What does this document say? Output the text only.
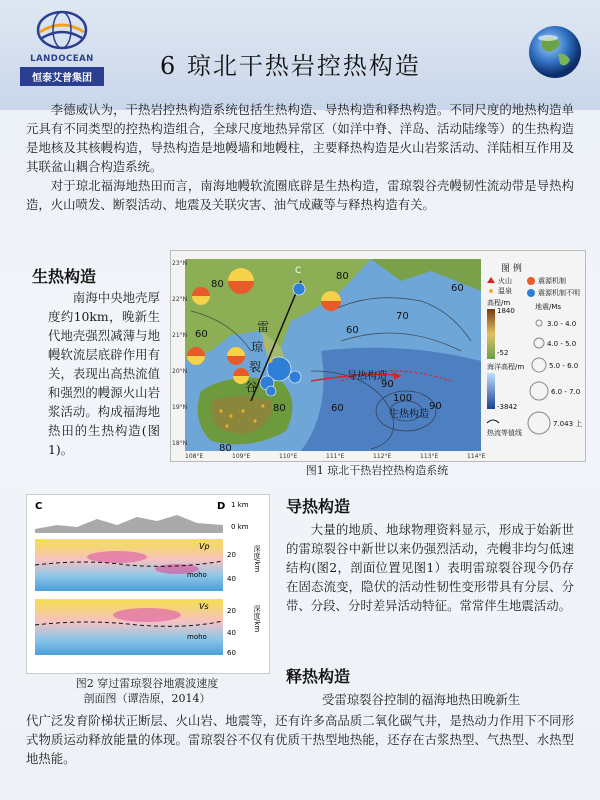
LANDOCEAN
恒泰艾普集团	6 琼北干热岩控热构造

李德威认为，干热岩控热构造系统包括生热构造、导热构造和释热构造。不同尺度的地热构造单元具有不同类型的控热构造组合，全球尺度地热异常区（如洋中脊、洋岛、活动陆缘等）的生热构造是地核及其核幔构造，导热构造是地幔墙和地幔柱，主要释热构造是火山岩浆活动、洋陆相互作用及其联盆山耦合构造系统。

对于琼北福海地热田而言，南海地幔软流圈底辟是生热构造，雷琼裂谷壳幔韧性流动带是导热构造，火山喷发、断裂活动、地震及关联灾害、油气成藏等与释热构造有关。

生热构造

南海中央地壳厚度约10km，晚新生代地壳强烈减薄与地幔软流层底辟作用有关，表现出高热流值和强烈的幔源火山岩浆活动。构成福海地热田的生热构造(图1)。

雷
琼
裂
谷
导热构造
生热构造
C
80
70
60
80
60
60
90
100
90
80
60
80
23°N
22°N
21°N
20°N
19°N
18°N
108°E	109°E	110°E	111°E	112°E	113°E	114°E
图 例
火山
温泉
震源机制
震源机制不明
高程/m
1840
-52
海洋高程/m
-3842
热流等值线
地震/Ms
3.0 - 4.0
4.0 - 5.0
5.0 - 6.0
6.0 - 7.0
7.043 上
图1 琼北干热岩控热构造系统
C	D 1 km
0 km
Vp
moho
20
40
Vs
moho
20
40
60
深度/km
深度/km
图2 穿过雷琼裂谷地震波速度
剖面图（谭浩原，2014）
导热构造

大量的地质、地球物理资料显示，形成于始新世的雷琼裂谷中新世以来仍强烈活动，壳幔非均匀低速结构(图2，剖面位置见图1）表明雷琼裂谷现今仍存在固态流变，隐伏的活动性韧性变形带具有分层、分带、分段、分时差异活动特征。常常伴生地震活动。

释热构造
受雷琼裂谷控制的福海地热田晚新生

代广泛发育阶梯状正断层、火山岩、地震等，还有许多高品质二氧化碳气井，是热动力作用下不同形式物质运动释放能量的体现。雷琼裂谷不仅有优质干热型地热能，还存在古浆热型、气热型、水热型地热能。
